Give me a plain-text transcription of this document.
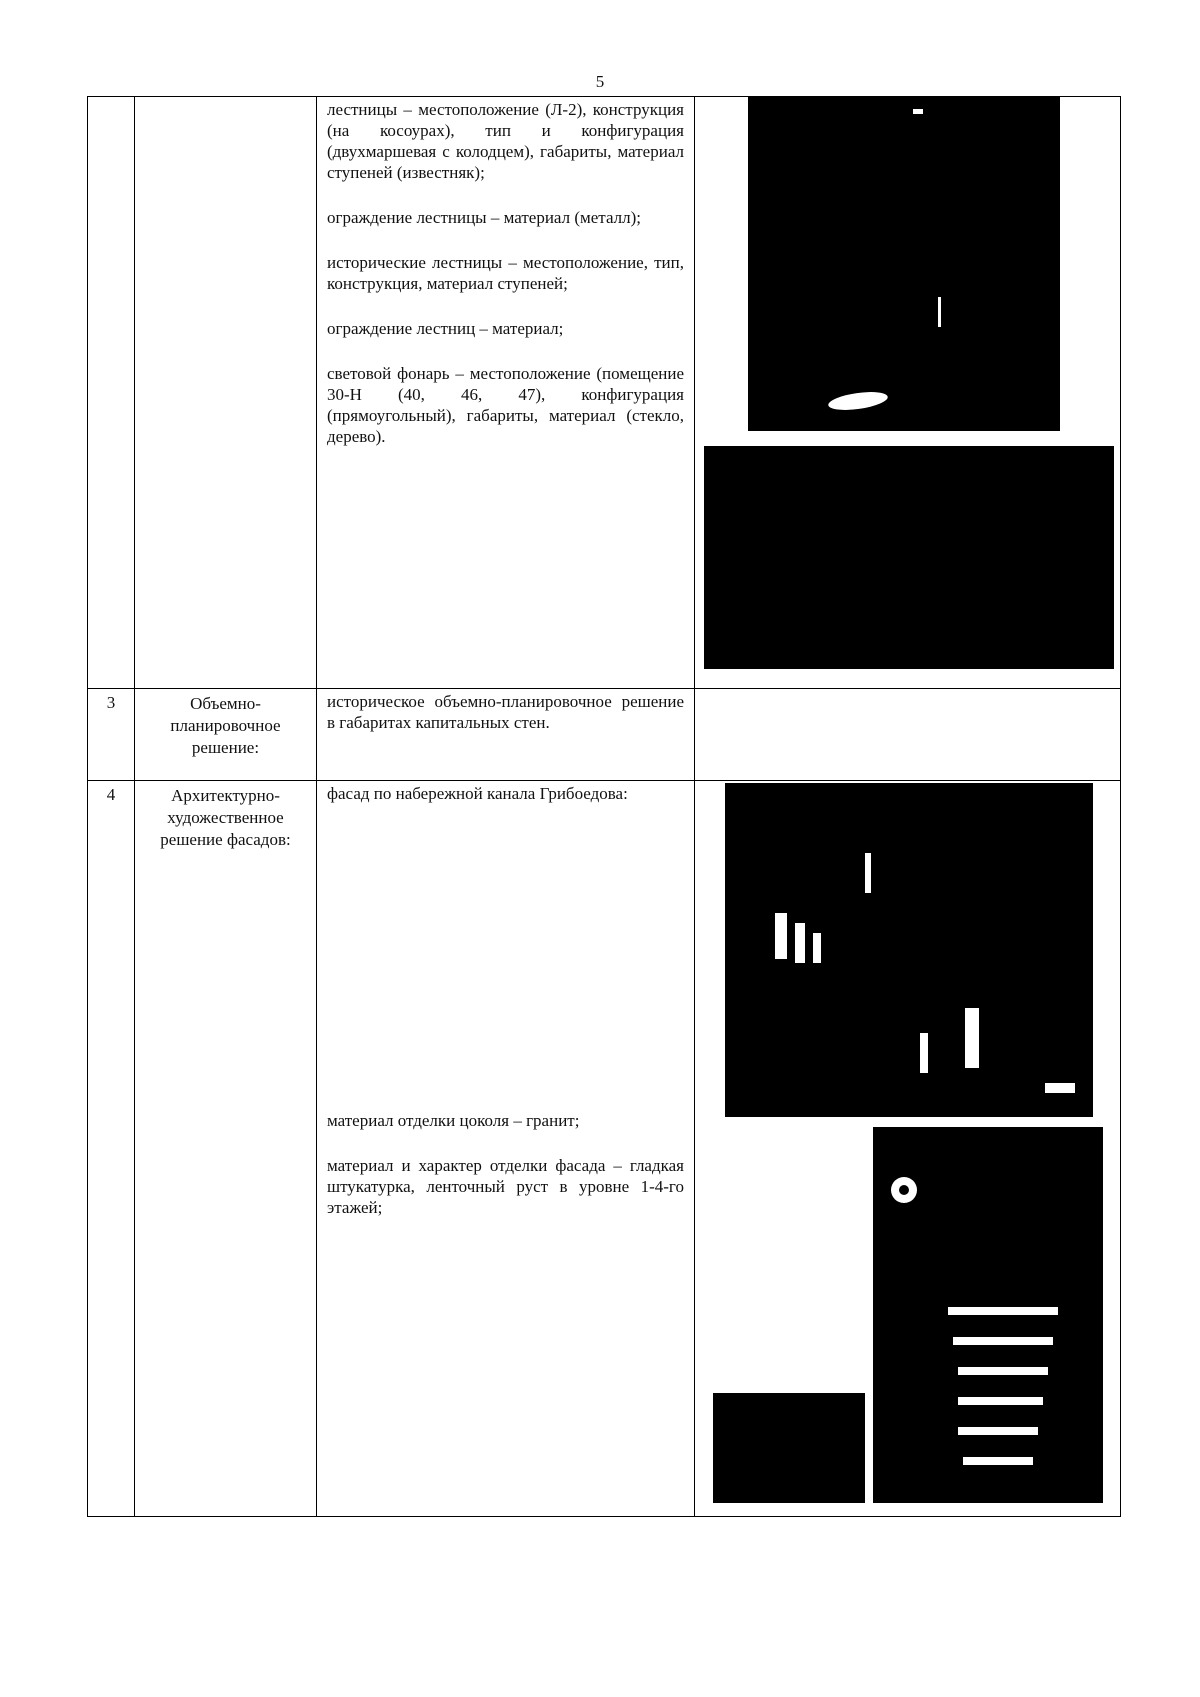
5

		лестницы – местоположение (Л-2), конструкция (на косоурах), тип и конфигурация (двухмаршевая с колодцем), габариты, материал ступеней (известняк);

ограждение лестницы – материал (металл);

исторические лестницы – местоположение, тип, конструкция, материал ступеней;

ограждение лестниц – материал;

световой фонарь – местоположение (помещение 30-Н (40, 46, 47), конфигурация (прямоугольный), габариты, материал (стекло, дерево).	

3	Объемно-планировочное решение:	историческое объемно-планировочное решение в габаритах капитальных стен.	

4	Архитектурно-художественное решение фасадов:	фасад по набережной канала Грибоедова:

материал отделки цоколя – гранит;

материал и характер отделки фасада – гладкая штукатурка, ленточный руст в уровне 1-4-го этажей;	
